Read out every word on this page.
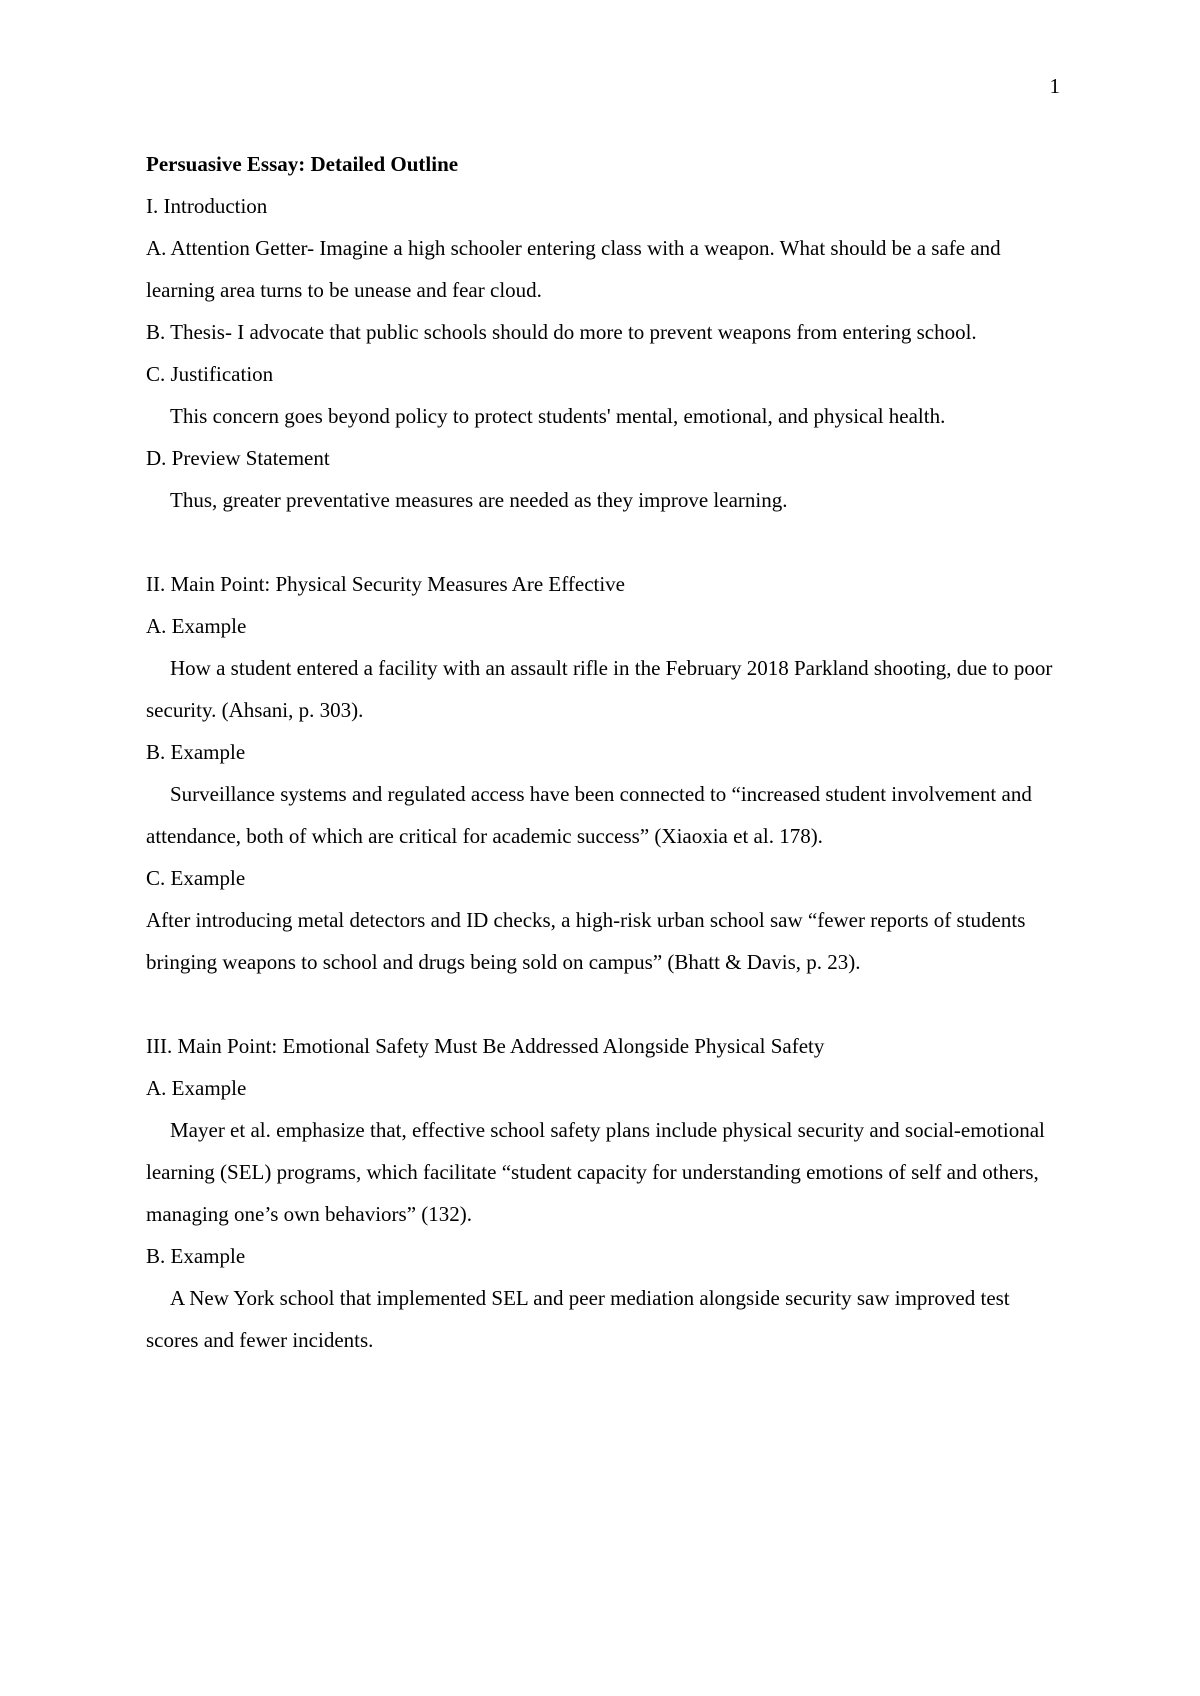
1

Persuasive Essay: Detailed Outline

I. Introduction

A. Attention Getter- Imagine a high schooler entering class with a weapon. What should be a safe and learning area turns to be unease and fear cloud.

B. Thesis- I advocate that public schools should do more to prevent weapons from entering school.

C. Justification

This concern goes beyond policy to protect students' mental, emotional, and physical health.

D. Preview Statement

Thus, greater preventative measures are needed as they improve learning.

II. Main Point: Physical Security Measures Are Effective

A. Example

How a student entered a facility with an assault rifle in the February 2018 Parkland shooting, due to poor security. (Ahsani, p. 303).

B. Example

Surveillance systems and regulated access have been connected to “increased student involvement and attendance, both of which are critical for academic success” (Xiaoxia et al. 178).

C. Example

After introducing metal detectors and ID checks, a high-risk urban school saw “fewer reports of students bringing weapons to school and drugs being sold on campus” (Bhatt & Davis, p. 23).

III. Main Point: Emotional Safety Must Be Addressed Alongside Physical Safety

A. Example

Mayer et al. emphasize that, effective school safety plans include physical security and social-emotional learning (SEL) programs, which facilitate “student capacity for understanding emotions of self and others, managing one’s own behaviors” (132).

B. Example

A New York school that implemented SEL and peer mediation alongside security saw improved test scores and fewer incidents.
